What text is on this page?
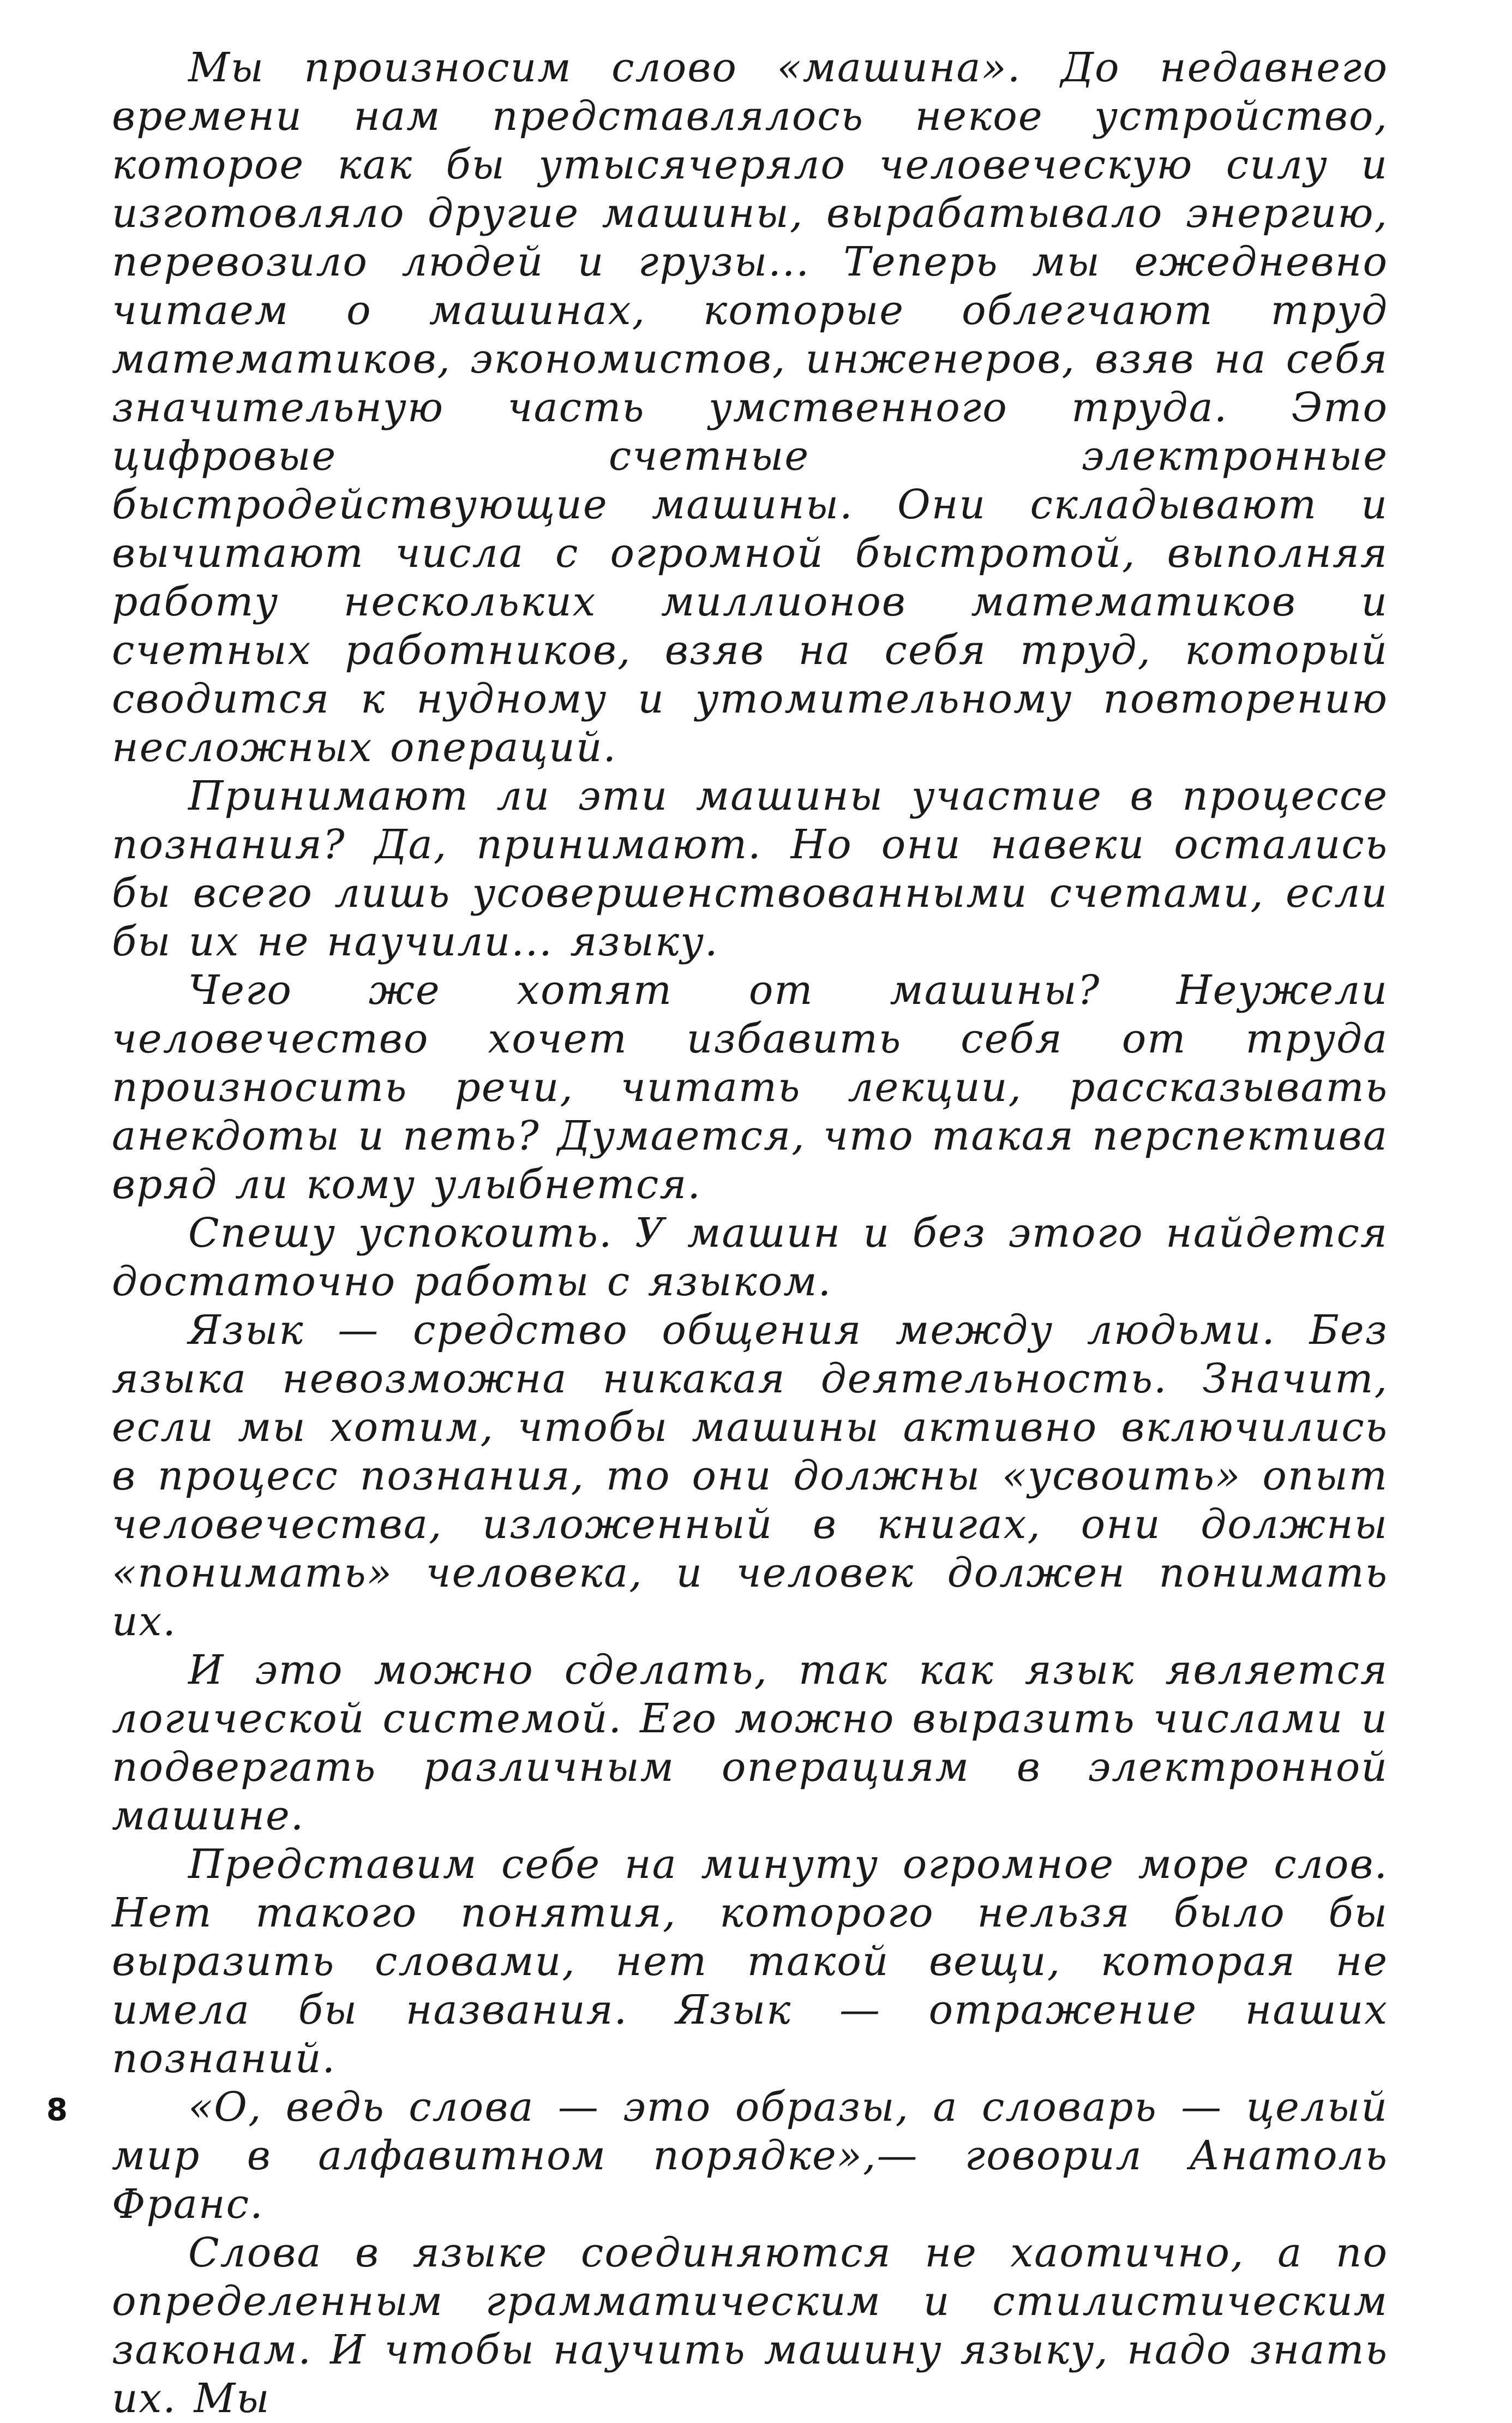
Мы произносим слово «машина». До недавнего времени нам представлялось некое устройство, которое как бы утысячеряло человеческую силу и изготовляло другие машины, вырабатывало энергию, перевозило людей и грузы... Теперь мы ежедневно читаем о машинах, которые облегчают труд математиков, экономистов, инженеров, взяв на себя значительную часть умственного труда. Это цифровые счетные электронные быстродействующие машины. Они складывают и вычитают числа с огромной быстротой, выполняя работу нескольких миллионов математиков и счетных работников, взяв на себя труд, который сводится к нудному и утомительному повторению несложных операций.

Принимают ли эти машины участие в процессе познания? Да, принимают. Но они навеки остались бы всего лишь усовершенствованными счетами, если бы их не научили... языку.

Чего же хотят от машины? Неужели человечество хочет избавить себя от труда произносить речи, читать лекции, рассказывать анекдоты и петь? Думается, что такая перспектива вряд ли кому улыбнется.

Спешу успокоить. У машин и без этого найдется достаточно работы с языком.

Язык — средство общения между людьми. Без языка невозможна никакая деятельность. Значит, если мы хотим, чтобы машины активно включились в процесс познания, то они должны «усвоить» опыт человечества, изложенный в книгах, они должны «понимать» человека, и человек должен понимать их.

И это можно сделать, так как язык является логической системой. Его можно выразить числами и подвергать различным операциям в электронной машине.

Представим себе на минуту огромное море слов. Нет такого понятия, которого нельзя было бы выразить словами, нет такой вещи, которая не имела бы названия. Язык — отражение наших познаний.

«О, ведь слова — это образы, а словарь — целый мир в алфавитном порядке»,— говорил Анатоль Франс.

Слова в языке соединяются не хаотично, а по определенным грамматическим и стилистическим законам. И чтобы научить машину языку, надо знать их. Мы

8
